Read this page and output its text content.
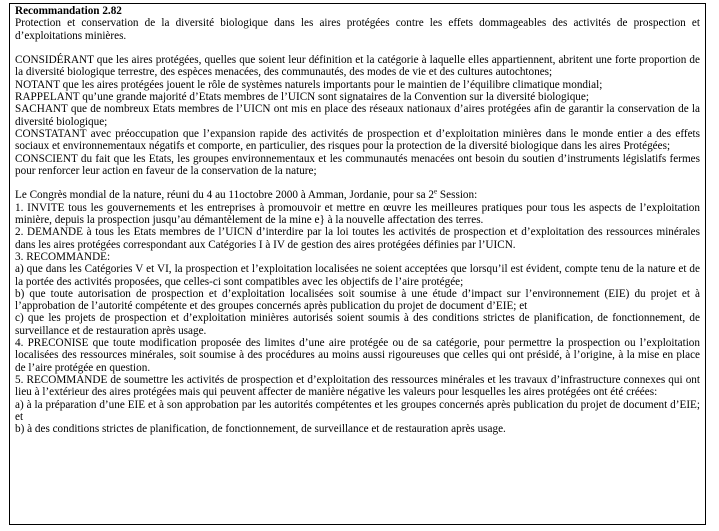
Recommandation 2.82

Protection et conservation de la diversité biologique dans les aires protégées contre les effets dommageables des activités de prospection et d’exploitations minières.

CONSIDÉRANT que les aires protégées, quelles que soient leur définition et la catégorie à laquelle elles appartiennent, abritent une forte proportion de la diversité biologique terrestre, des espèces menacées, des communautés, des modes de vie et des cultures autochtones;

NOTANT que les aires protégées jouent le rôle de systèmes naturels importants pour le maintien de l’équilibre climatique mondial;

RAPPELANT qu’une grande majorité d’Etats membres de l’UICN sont signataires de la Convention sur la diversité biologique;

SACHANT que de nombreux Etats membres de l’UICN ont mis en place des réseaux nationaux d’aires protégées afin de garantir la conservation de la diversité biologique;

CONSTATANT avec préoccupation que l’expansion rapide des activités de prospection et d’exploitation minières dans le monde entier a des effets sociaux et environnementaux négatifs et comporte, en particulier, des risques pour la protection de la diversité biologique dans les aires Protégées;

CONSCIENT du fait que les Etats, les groupes environnementaux et les communautés menacées ont besoin du soutien d’instruments législatifs fermes pour renforcer leur action en faveur de la conservation de la nature;

Le Congrès mondial de la nature, réuni du 4 au 11octobre 2000 à Amman, Jordanie, pour sa 2e Session:

1. INVITE tous les gouvernements et les entreprises à promouvoir et mettre en œuvre les meilleures pratiques pour tous les aspects de l’exploitation minière, depuis la prospection jusqu’au démantèlement de la mine e} à la nouvelle affectation des terres.

2. DEMANDE à tous les Etats membres de l’UICN d’interdire par la loi toutes les activités de prospection et d’exploitation des ressources minérales dans les aires protégées correspondant aux Catégories I à IV de gestion des aires protégées définies par l’UICN.

3. RECOMMANDE:

a) que dans les Catégories V et VI, la prospection et l’exploitation localisées ne soient acceptées que lorsqu’il est évident, compte tenu de la nature et de la portée des activités proposées, que celles-ci sont compatibles avec les objectifs de l’aire protégée;

b) que toute autorisation de prospection et d’exploitation localisées soit soumise à une étude d’impact sur l’environnement (EIE) du projet et à l’approbation de l’autorité compétente et des groupes concernés après publication du projet de document d’EIE; et

c) que les projets de prospection et d’exploitation minières autorisés soient soumis à des conditions strictes de planification, de fonctionnement, de surveillance et de restauration après usage.

4. PRECONISE que toute modification proposée des limites d’une aire protégée ou de sa catégorie, pour permettre la prospection ou l’exploitation localisées des ressources minérales, soit soumise à des procédures au moins aussi rigoureuses que celles qui ont présidé, à l’origine, à la mise en place de l’aire protégée en question.

5. RECOMMANDE de soumettre les activités de prospection et d’exploitation des ressources minérales et les travaux d’infrastructure connexes qui ont lieu à l’extérieur des aires protégées mais qui peuvent affecter de manière négative les valeurs pour lesquelles les aires protégées ont été créées:

a) à la préparation d’une EIE et à son approbation par les autorités compétentes et les groupes concernés après publication du projet de document d’EIE; et

b) à des conditions strictes de planification, de fonctionnement, de surveillance et de restauration après usage.
